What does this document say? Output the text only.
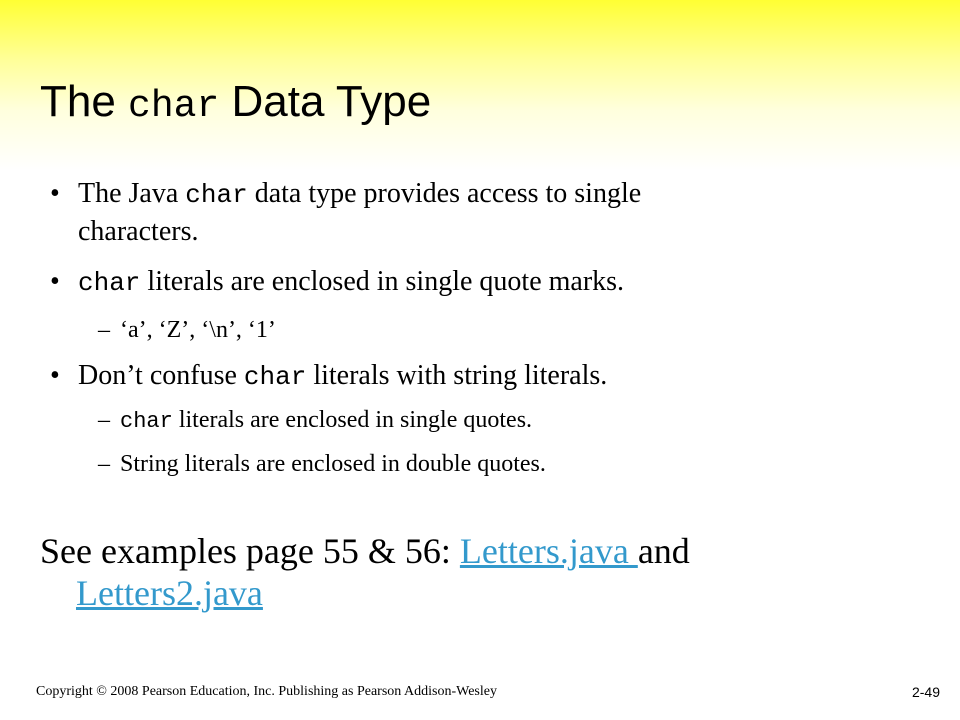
The char Data Type
• The Java char data type provides access to single
characters.
• char literals are enclosed in single quote marks.
– ‘a’, ‘Z’, ‘\n’, ‘1’
• Don’t confuse char literals with string literals.
– char literals are enclosed in single quotes.
– String literals are enclosed in double quotes.
See examples page 55 & 56: Letters.java and
Letters2.java
Copyright © 2008 Pearson Education, Inc. Publishing as Pearson Addison-Wesley	2-49
